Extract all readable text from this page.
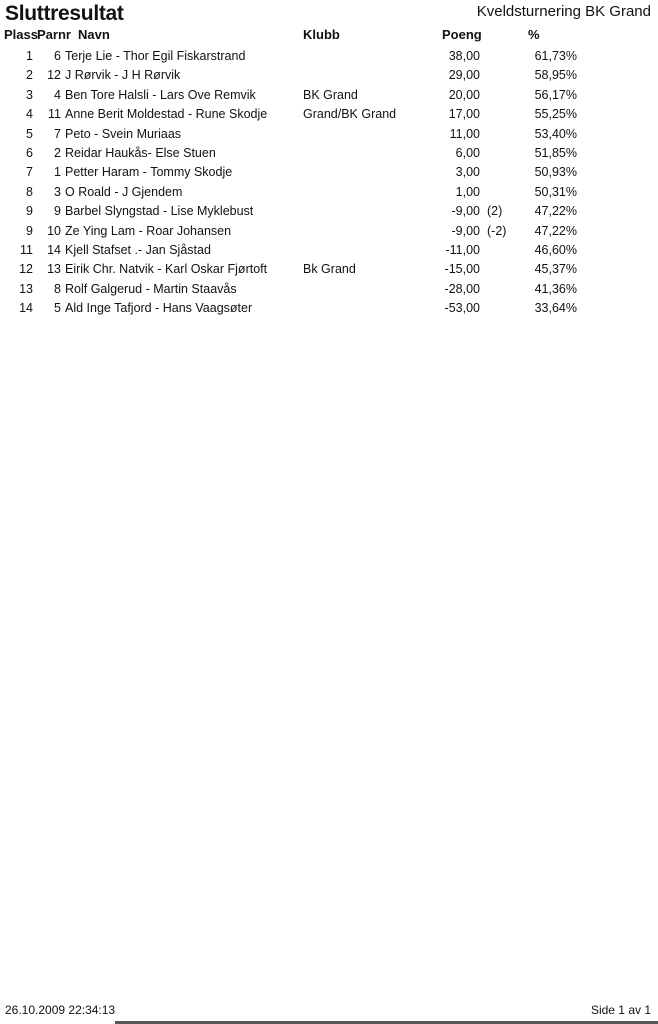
Sluttresultat	Kveldsturnering BK Grand
Plass Parnr Navn	Klubb	Poeng	%
1	6 Terje Lie - Thor Egil Fiskarstrand	38,00	61,73%
2	12 J Rørvik - J H Rørvik	29,00	58,95%
3	4 Ben Tore Halsli - Lars Ove Remvik	BK Grand	20,00	56,17%
4	11 Anne Berit Moldestad - Rune Skodje	Grand/BK Grand	17,00	55,25%
5	7 Peto - Svein Muriaas	11,00	53,40%
6	2 Reidar Haukås- Else Stuen	6,00	51,85%
7	1 Petter Haram - Tommy Skodje	3,00	50,93%
8	3 O Roald - J Gjendem	1,00	50,31%
9	9 Barbel Slyngstad - Lise Myklebust	-9,00 (2)	47,22%
9	10 Ze Ying Lam - Roar Johansen	-9,00 (-2)	47,22%
11	14 Kjell Stafset .- Jan Sjåstad	-11,00	46,60%
12	13 Eirik Chr. Natvik - Karl Oskar Fjørtoft	Bk Grand	-15,00	45,37%
13	8 Rolf Galgerud - Martin Staavås	-28,00	41,36%
14	5 Ald Inge Tafjord - Hans Vaagsøter	-53,00	33,64%
26.10.2009 22:34:13	Side 1 av 1
